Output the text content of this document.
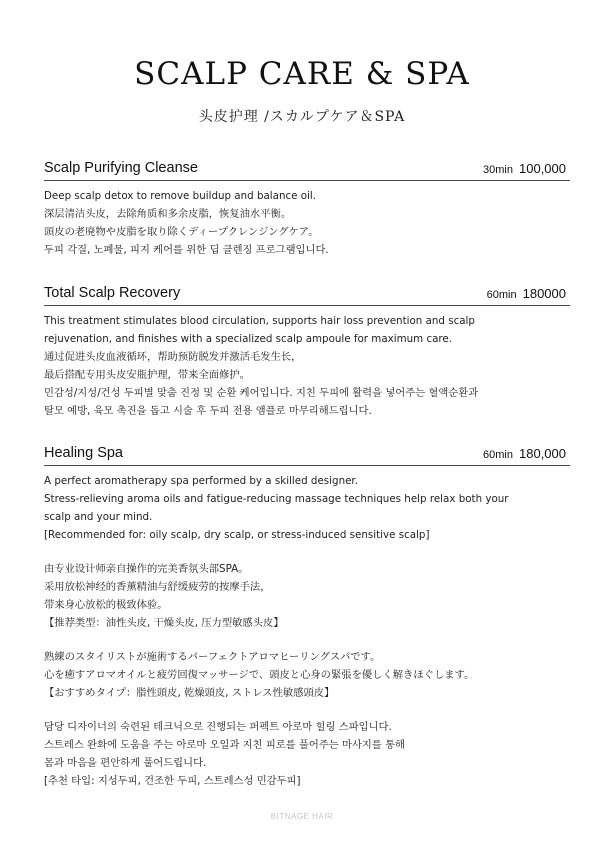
SCALP CARE & SPA
头皮护理 /スカルプケア＆SPA
Scalp Purifying Cleanse	30min 100,000
Deep scalp detox to remove buildup and balance oil.
深层清洁头皮，去除角质和多余皮脂，恢复油水平衡。
頭皮の老廃物や皮脂を取り除くディープクレンジングケア。
두피 각질, 노폐물, 피지 케어를 위한 딥 클렌징 프로그램입니다.
Total Scalp Recovery	60min 180000
This treatment stimulates blood circulation, supports hair loss prevention and scalp
rejuvenation, and finishes with a specialized scalp ampoule for maximum care.
通过促进头皮血液循环，帮助预防脱发并激活毛发生长，
最后搭配专用头皮安瓶护理，带来全面修护。
민감성/지성/건성 두피별 맞춤 진정 및 순환 케어입니다. 지친 두피에 활력을 넣어주는 혈액순환과
탈모 예방, 육모 촉진을 돕고 시술 후 두피 전용 앰플로 마무리해드립니다.
Healing Spa	60min 180,000
A perfect aromatherapy spa performed by a skilled designer.
Stress-relieving aroma oils and fatigue-reducing massage techniques help relax both your
scalp and your mind.
[Recommended for: oily scalp, dry scalp, or stress-induced sensitive scalp]
由专业设计师亲自操作的完美香氛头部SPA。
采用放松神经的香薰精油与舒缓疲劳的按摩手法，
带来身心放松的极致体验。
【推荐类型：油性头皮, 干燥头皮, 压力型敏感头皮】
熟練のスタイリストが施術するパーフェクトアロマヒーリングスパです。
心を癒すアロマオイルと疲労回復マッサージで、頭皮と心身の緊張を優しく解きほぐします。
【おすすめタイプ：脂性頭皮, 乾燥頭皮, ストレス性敏感頭皮】
담당 디자이너의 숙련된 테크닉으로 진행되는 퍼펙트 아로마 힐링 스파입니다.
스트레스 완화에 도움을 주는 아로마 오일과 지친 피로를 풀어주는 마사지를 통해
몸과 마음을 편안하게 풀어드립니다.
[추천 타입: 지성두피, 건조한 두피, 스트레스성 민감두피]
BITNAGE HAIR
